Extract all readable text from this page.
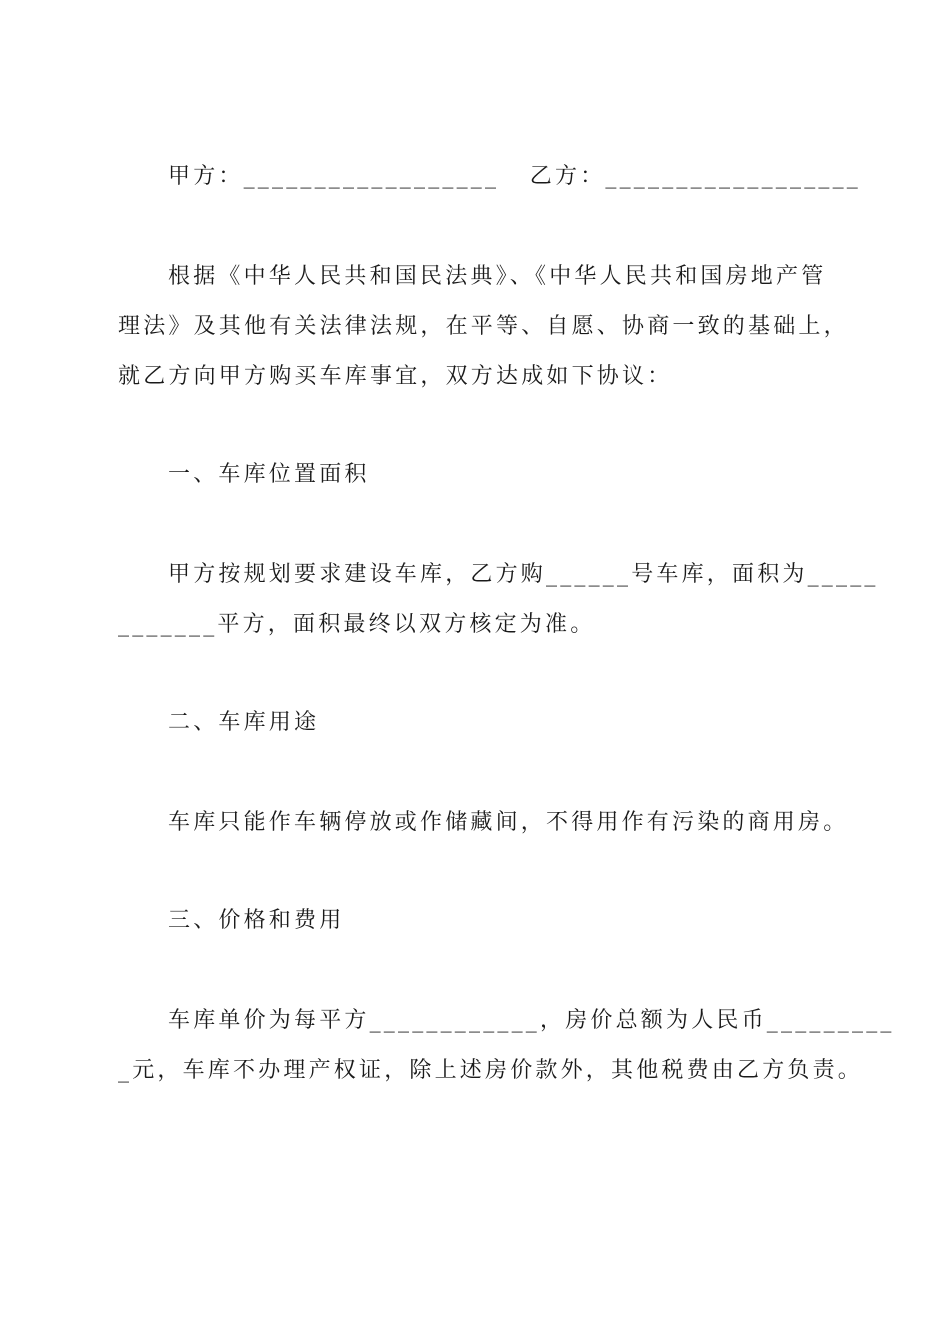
甲方：__________________ 乙方：__________________
根据《中华人民共和国民法典》、《中华人民共和国房地产管
理法》及其他有关法律法规，在平等、自愿、协商一致的基础上，
就乙方向甲方购买车库事宜，双方达成如下协议：
一、车库位置面积
甲方按规划要求建设车库，乙方购______号车库，面积为_____
_______平方，面积最终以双方核定为准。
二、车库用途
车库只能作车辆停放或作储藏间，不得用作有污染的商用房。
三、价格和费用
车库单价为每平方____________，房价总额为人民币_________
_元，车库不办理产权证，除上述房价款外，其他税费由乙方负责。
